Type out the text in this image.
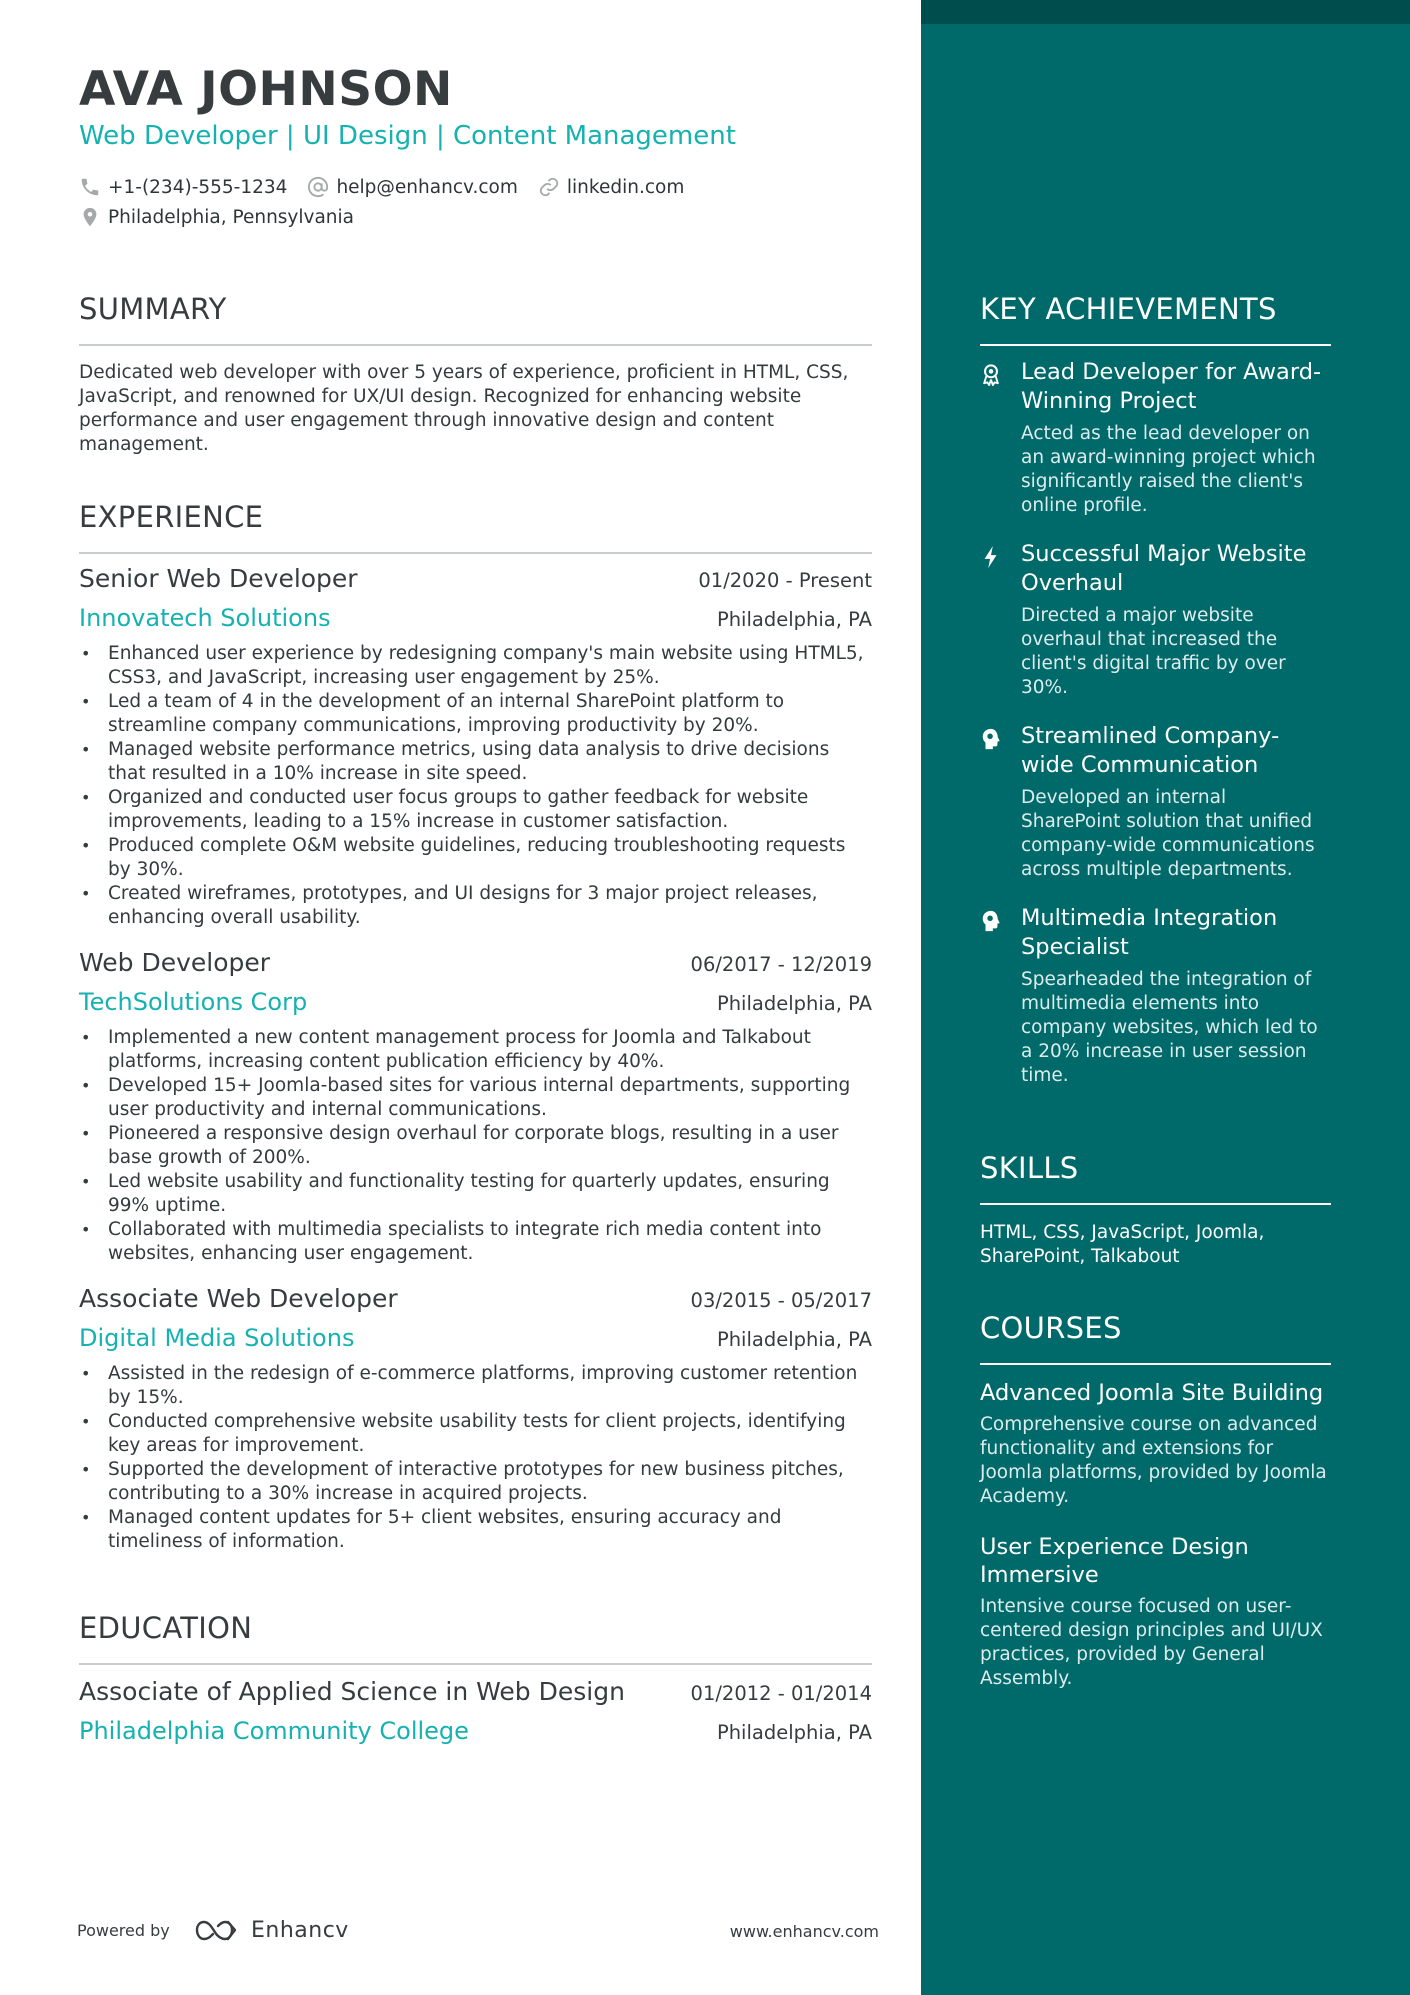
AVA JOHNSON
Web Developer | UI Design | Content Management
+1-(234)-555-1234	help@enhancv.com	linkedin.com
Philadelphia, Pennsylvania
SUMMARY
Dedicated web developer with over 5 years of experience, proficient in HTML, CSS, JavaScript, and renowned for UX/UI design. Recognized for enhancing website performance and user engagement through innovative design and content management.
EXPERIENCE
Senior Web Developer	01/2020 - Present
Innovatech Solutions	Philadelphia, PA
• Enhanced user experience by redesigning company's main website using HTML5, CSS3, and JavaScript, increasing user engagement by 25%.
• Led a team of 4 in the development of an internal SharePoint platform to streamline company communications, improving productivity by 20%.
• Managed website performance metrics, using data analysis to drive decisions that resulted in a 10% increase in site speed.
• Organized and conducted user focus groups to gather feedback for website improvements, leading to a 15% increase in customer satisfaction.
• Produced complete O&M website guidelines, reducing troubleshooting requests by 30%.
• Created wireframes, prototypes, and UI designs for 3 major project releases, enhancing overall usability.
Web Developer	06/2017 - 12/2019
TechSolutions Corp	Philadelphia, PA
• Implemented a new content management process for Joomla and Talkabout platforms, increasing content publication efficiency by 40%.
• Developed 15+ Joomla-based sites for various internal departments, supporting user productivity and internal communications.
• Pioneered a responsive design overhaul for corporate blogs, resulting in a user base growth of 200%.
• Led website usability and functionality testing for quarterly updates, ensuring 99% uptime.
• Collaborated with multimedia specialists to integrate rich media content into websites, enhancing user engagement.
Associate Web Developer	03/2015 - 05/2017
Digital Media Solutions	Philadelphia, PA
• Assisted in the redesign of e-commerce platforms, improving customer retention by 15%.
• Conducted comprehensive website usability tests for client projects, identifying key areas for improvement.
• Supported the development of interactive prototypes for new business pitches, contributing to a 30% increase in acquired projects.
• Managed content updates for 5+ client websites, ensuring accuracy and timeliness of information.
EDUCATION
Associate of Applied Science in Web Design	01/2012 - 01/2014
Philadelphia Community College	Philadelphia, PA
Powered by	Enhancv	www.enhancv.com
KEY ACHIEVEMENTS
Lead Developer for Award-Winning Project
Acted as the lead developer on an award-winning project which significantly raised the client's online profile.
Successful Major Website Overhaul
Directed a major website overhaul that increased the client's digital traffic by over 30%.
Streamlined Company-wide Communication
Developed an internal SharePoint solution that unified company-wide communications across multiple departments.
Multimedia Integration Specialist
Spearheaded the integration of multimedia elements into company websites, which led to a 20% increase in user session time.
SKILLS
HTML, CSS, JavaScript, Joomla, SharePoint, Talkabout
COURSES
Advanced Joomla Site Building
Comprehensive course on advanced functionality and extensions for Joomla platforms, provided by Joomla Academy.
User Experience Design Immersive
Intensive course focused on user-centered design principles and UI/UX practices, provided by General Assembly.
